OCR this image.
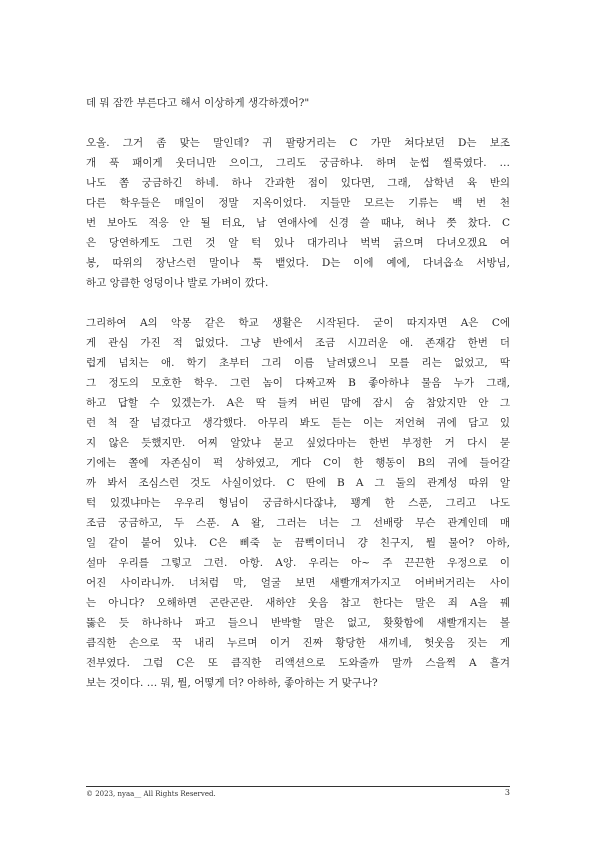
데 뭐 잠깐 부른다고 해서 이상하게 생각하겠어?"
오올. 그거 좀 맞는 말인데? 귀 팔랑거리는 C 가만 쳐다보던 D는 보조
개 푹 패이게 웃더니만 으이그, 그리도 궁금하냐. 하며 눈썹 씰룩였다. …
나도 쫌 궁금하긴 하네. 하나 간과한 점이 있다면, 그래, 삼학년 육 반의
다른 학우들은 매일이 정말 지옥이었다. 지들만 모르는 기류는 백 번 천
번 보아도 적응 안 될 터요, 남 연애사에 신경 쓸 때냐, 혀나 쯧 찼다. C
은 당연하게도 그런 것 알 턱 있나 대가리나 벅벅 긁으며 다녀오겠요 여
봉, 따위의 장난스런 말이나 툭 뱉었다. D는 이에 예에, 다녀옵쇼 서방님,
하고 앙큼한 엉덩이나 발로 가벼이 깠다.
그리하여 A의 악몽 같은 학교 생활은 시작된다. 굳이 따지자면 A은 C에
게 관심 가진 적 없었다. 그냥 반에서 조금 시끄러운 애. 존재감 한번 더
럽게 넘치는 애. 학기 초부터 그리 이름 날려댔으니 모를 리는 없었고, 딱
그 정도의 모호한 학우. 그런 놈이 다짜고짜 B 좋아하냐 물음 누가 그래,
하고 답할 수 있겠는가. A은 딱 들켜 버린 맘에 잠시 숨 참았지만 안 그
런 척 잘 넘겼다고 생각했다. 아무리 봐도 듣는 이는 저언혀 귀에 담고 있
지 않은 듯했지만. 어찌 알았냐 묻고 싶었다마는 한번 부정한 거 다시 묻
기에는 쫄에 자존심이 퍽 상하였고, 게다 C이 한 행동이 B의 귀에 들어갈
까 봐서 조심스런 것도 사실이었다. C 딴에 B A 그 둘의 관계성 따위 알
턱 있겠냐마는 우우리 형님이 궁금하시다잖냐, 꽹계 한 스푼, 그리고 나도
조금 궁금하고, 두 스푼. A 왈, 그러는 너는 그 선배랑 무슨 관계인데 매
일 같이 붙어 있냐. C은 삐죽 눈 끔뻑이더니 걍 친구지, 뭘 물어? 아하,
설마 우리를 그렇고 그런. 아항. A앙. 우리는 아~ 주 끈끈한 우정으로 이
어진 사이라니까. 너처럼 막, 얼굴 보면 새빨개져가지고 어버버거리는 사이
는 아니다? 오해하면 곤란곤란. 새하얀 웃음 참고 한다는 말은 죄 A을 꿰
뚫은 듯 하나하나 파고 들으니 반박할 말은 없고, 홧홧함에 새빨개지는 볼
큼직한 손으로 꾹 내리 누르며 이거 진짜 황당한 새끼네, 헛웃음 짓는 게
전부였다. 그럼 C은 또 큼직한 리액션으로 도와줄까 말까 스을쩍 A 흘겨
보는 것이다. … 뭐, 뭘, 어떻게 더? 아하하, 좋아하는 거 맞구나?
© 2023, nyaa__ All Rights Reserved.	3
